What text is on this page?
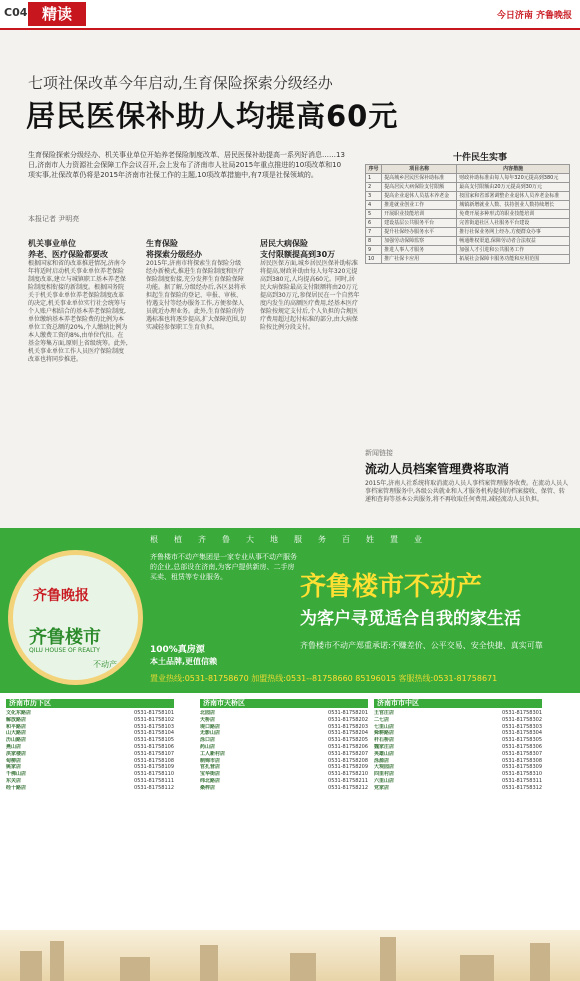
C04 精读	今日济南 齐鲁晚报
七项社保改革今年启动,生育保险探索分级经办
居民医保补助人均提高60元
生育保险探索分级经办、机关事业单位开始养老保险制度改革、居民医保补助提高一系列好消息……13日,济南市人力资源社会保障工作会议召开,会上发布了济南市人社局2015年重点推进的10项改革和10项实事,社保改革仍将是2015年济南市社保工作的主题,10项改革措施中,有7项是社保领域的。
本报记者 尹明亮
机关事业单位
养老、医疗保险都要改
根据国家和省的改革推进情况,济南今年将适时启动机关事业单位养老保险制度改革,建立与城镇职工基本养老保险制度相衔接的新制度。根据国务院关于机关事业单位养老保险制度改革的决定,机关事业单位实行社会统筹与个人账户相结合的基本养老保险制度,单位缴纳基本养老保险费的比例为本单位工资总额的20%,个人缴纳比例为本人缴费工资的8%,由单位代扣。在基金筹集方面,原则上省级统筹。此外,机关事业单位工作人员医疗保险制度改革也将同步推进。
生育保险
将探索分级经办
2015年,济南市将探索生育保险分级经办新模式,推进生育保险制度和医疗保险制度衔接,充分发挥生育保险保障功能。据了解,分级经办后,各区县将承担起生育保险的登记、申报、审核、待遇支付等经办服务工作,方便参保人员就近办理业务。此外,生育保险的待遇标准也将逐步提高,扩大保障范围,切实减轻参保职工生育负担。
居民大病保险
支付限额提高到30万
居民医保方面,城乡居民医保补助标准将提高,财政补助由每人每年320元提高到380元,人均提高60元。同时,居民大病保险最高支付限额将由20万元提高到30万元,参保居民在一个自然年度内发生的高额医疗费用,经基本医疗保险按规定支付后,个人负担的合规医疗费用超过起付标准的部分,由大病保险按比例分段支付。
十件民生实事
序号	项目名称	内容措施
1	提高城乡居民医保补助标准	财政补助标准由每人每年320元提高到380元
2	提高居民大病保险支付限额	最高支付限额由20万元提高到30万元
3	提高企业退休人员基本养老金	按国家和省部署调整企业退休人员养老金标准
4	推进就业创业工作	城镇新增就业人数、扶持创业人数持续增长
5	开展职业技能培训	免费开展多种形式的职业技能培训
6	建设基层公共服务平台	完善街道社区人社服务平台建设
7	提升社保经办服务水平	推行社保业务网上经办,方便群众办事
8	加强劳动保障监察	畅通维权渠道,保障劳动者合法权益
9	推进人事人才服务	加强人才引进和公共服务工作
10	推广社保卡应用	拓展社会保障卡服务功能和应用范围
新闻链接
流动人员档案管理费将取消
2015年,济南人社系统将取消流动人员人事档案管理服务收费。在流动人员人事档案管理服务中,各级公共就业和人才服务机构提供的档案接收、保管、转递和查询等基本公共服务,将不再收取任何费用,减轻流动人员负担。
根植齐鲁大地服务百姓置业
齐鲁晚报
齐鲁楼市
QILU HOUSE OF REALTY
不动产
齐鲁楼市不动产集团是一家专业从事不动产服务的企业,总部设在济南,为客户提供新房、二手房买卖、租赁等专业服务。	齐鲁楼市不动产
为客户寻觅适合自我的家生活
100%真房源
本土品牌,更值信赖
齐鲁楼市不动产郑重承诺:不赚差价、公平交易、安全快捷、真实可靠
置业热线:0531-81758670 加盟热线:0531--81758660 85196015 客服热线:0531-81758671
济南市历下区
文化东路店	0531-81758101
解放路店	0531-81758102
和平路店	0531-81758103
山大路店	0531-81758104
历山路店	0531-81758105
燕山店	0531-81758106
洪家楼店	0531-81758107
甸柳店	0531-81758108
姚家店	0531-81758109
千佛山店	0531-81758110
东关店	0531-81758111
经十路店	0531-81758112
济南市天桥区
北园店	0531-81758201
天桥店	0531-81758202
堤口路店	0531-81758203
无影山店	0531-81758204
泺口店	0531-81758205
药山店	0531-81758206
工人新村店	0531-81758207
制锦市店	0531-81758208
官扎营店	0531-81758209
宝华街店	0531-81758210
纬北路店	0531-81758211
桑梓店	0531-81758212
济南市市中区
王官庄店	0531-81758301
二七店	0531-81758302
七里山店	0531-81758303
舜耕路店	0531-81758304
杆石桥店	0531-81758305
魏家庄店	0531-81758306
英雄山店	0531-81758307
泺源店	0531-81758308
大观园店	0531-81758309
四里村店	0531-81758310
六里山店	0531-81758311
党家店	0531-81758312
